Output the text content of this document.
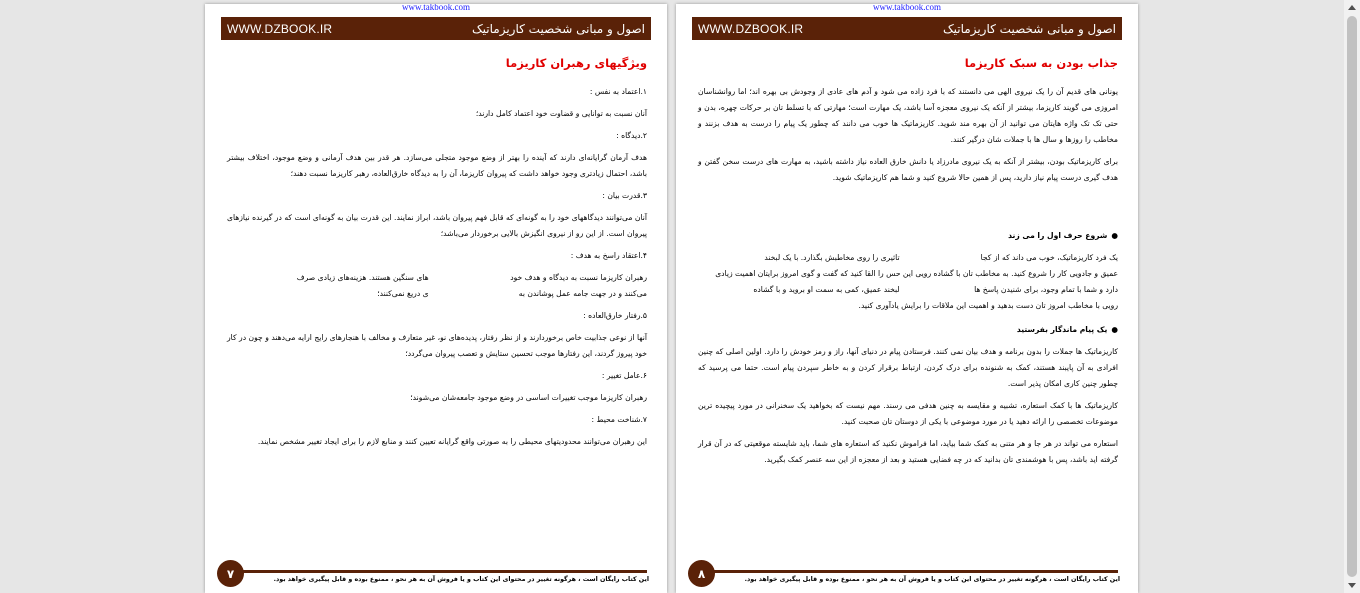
www.takbook.com
WWW.DZBOOK.IR	اصول و مبانی شخصیت کاریزماتیک
ویژگیهای رهبران کاریزما
۱.اعتماد به نفس :

آنان نسبت به توانایی و قضاوت خود اعتماد کامل دارند؛

۲.دیدگاه :

هدف آرمان گرایانه‌ای دارند که آینده را بهتر از وضع موجود متجلی می‌سازد. هر قدر بین هدف آرمانی و وضع موجود، اختلاف بیشتر باشد، احتمال زیادتری وجود خواهد داشت که پیروان کاریزما، آن را به دیدگاه خارق‌العاده، رهبر کاریزما نسبت دهند؛

۳.قدرت بیان :

آنان می‌توانند دیدگاههای خود را به گونه‌ای که قابل فهم پیروان باشد، ابراز نمایند. این قدرت بیان به گونه‌ای است که در گیرنده نیازهای پیروان است. از این رو از نیروی انگیزش بالایی برخوردار می‌باشد؛

۴.اعتقاد راسخ به هدف :
رهبران کاریزما نسبت به دیدگاه و هدف خود
می‌کنند و در جهت جامه عمل پوشاندن به
های سنگین هستند. هزینه‌های زیادی صرف
ی دریغ نمی‌کنند؛
۵.رفتار خارق‌العاده :

آنها از نوعی جذابیت خاص برخوردارند و از نظر رفتار، پدیده‌های نو، غیر متعارف و مخالف با هنجارهای رایج ارایه می‌دهند و چون در کار خود پیروز گردند، این رفتارها موجب تحسین ستایش و تعصب پیروان می‌گردد؛

۶.عامل تغییر :

رهبران کاریزما موجب تغییرات اساسی در وضع موجود جامعه‌شان می‌شوند؛

۷.شناخت محیط :

این رهبران می‌توانند محدودیتهای محیطی را به صورتی واقع گرایانه تعیین کنند و منابع لازم را برای ایجاد تغییر مشخص نمایند.

۷	این کتاب رایگان است ، هرگونه تغییر در محتوای این کتاب و یا فروش آن به هر نحو ، ممنوع بوده و قابل پیگیری خواهد بود.
www.takbook.com
WWW.DZBOOK.IR	اصول و مبانی شخصیت کاریزماتیک
جذاب بودن به سبک کاریزما

یونانی های قدیم آن را یک نیروی الهی می دانستند که با فرد زاده می شود و آدم های عادی از وجودش بی بهره اند؛ اما روانشناسان امروزی می گویند کاریزما، بیشتر از آنکه یک نیروی معجزه آسا باشد، یک مهارت است؛ مهارتی که با تسلط تان بر حرکات چهره، بدن و حتی تک تک واژه هایتان می توانید از آن بهره مند شوید. کاریزماتیک ها خوب می دانند که چطور یک پیام را درست به هدف بزنند و مخاطب را روزها و سال ها با جملات شان درگیر کنند.

برای کاریزماتیک بودن، بیشتر از آنکه به یک نیروی مادرزاد یا دانش خارق العاده نیاز داشته باشید، به مهارت های درست سخن گفتن و هدف گیری درست پیام نیاز دارید، پس از همین حالا شروع کنید و شما هم کاریزماتیک شوید.

●شروع حرف اول را می زند
یک فرد کاریزماتیک، خوب می داند که از کجا
تاثیری را روی مخاطبش بگذارد. با یک لبخند
عمیق و جادویی کار را شروع کنید. به مخاطب تان با گشاده رویی این حس را القا کنید که گفت و گوی امروز برایتان اهمیت زیادی
دارد و شما با تمام وجود، برای شنیدن پاسخ ها
لبخند عمیق، کمی به سمت او بروید و با گشاده

رویی با مخاطب امروز تان دست بدهید و اهمیت این ملاقات را برایش یادآوری کنید.

●یک پیام ماندگار بفرستید

کاریزماتیک ها جملات را بدون برنامه و هدف بیان نمی کنند. فرستادن پیام در دنیای آنها، راز و رمز خودش را دارد. اولین اصلی که چنین افرادی به آن پایبند هستند، کمک به شنونده برای درک کردن، ارتباط برقرار کردن و به خاطر سپردن پیام است. حتما می پرسید که چطور چنین کاری امکان پذیر است.

کاریزماتیک ها با کمک استعاره، تشبیه و مقایسه به چنین هدفی می رسند. مهم نیست که بخواهید یک سخنرانی در مورد پیچیده ترین موضوعات تخصصی را ارائه دهید یا در مورد موضوعی با یکی از دوستان تان صحبت کنید.

استعاره می تواند در هر جا و هر متنی به کمک شما بیاید، اما فراموش نکنید که استعاره های شما، باید شایسته موقعیتی که در آن قرار گرفته اید باشد، پس با هوشمندی تان بدانید که در چه فضایی هستید و بعد از معجزه از این سه عنصر کمک بگیرید.

۸	این کتاب رایگان است ، هرگونه تغییر در محتوای این کتاب و یا فروش آن به هر نحو ، ممنوع بوده و قابل پیگیری خواهد بود.
